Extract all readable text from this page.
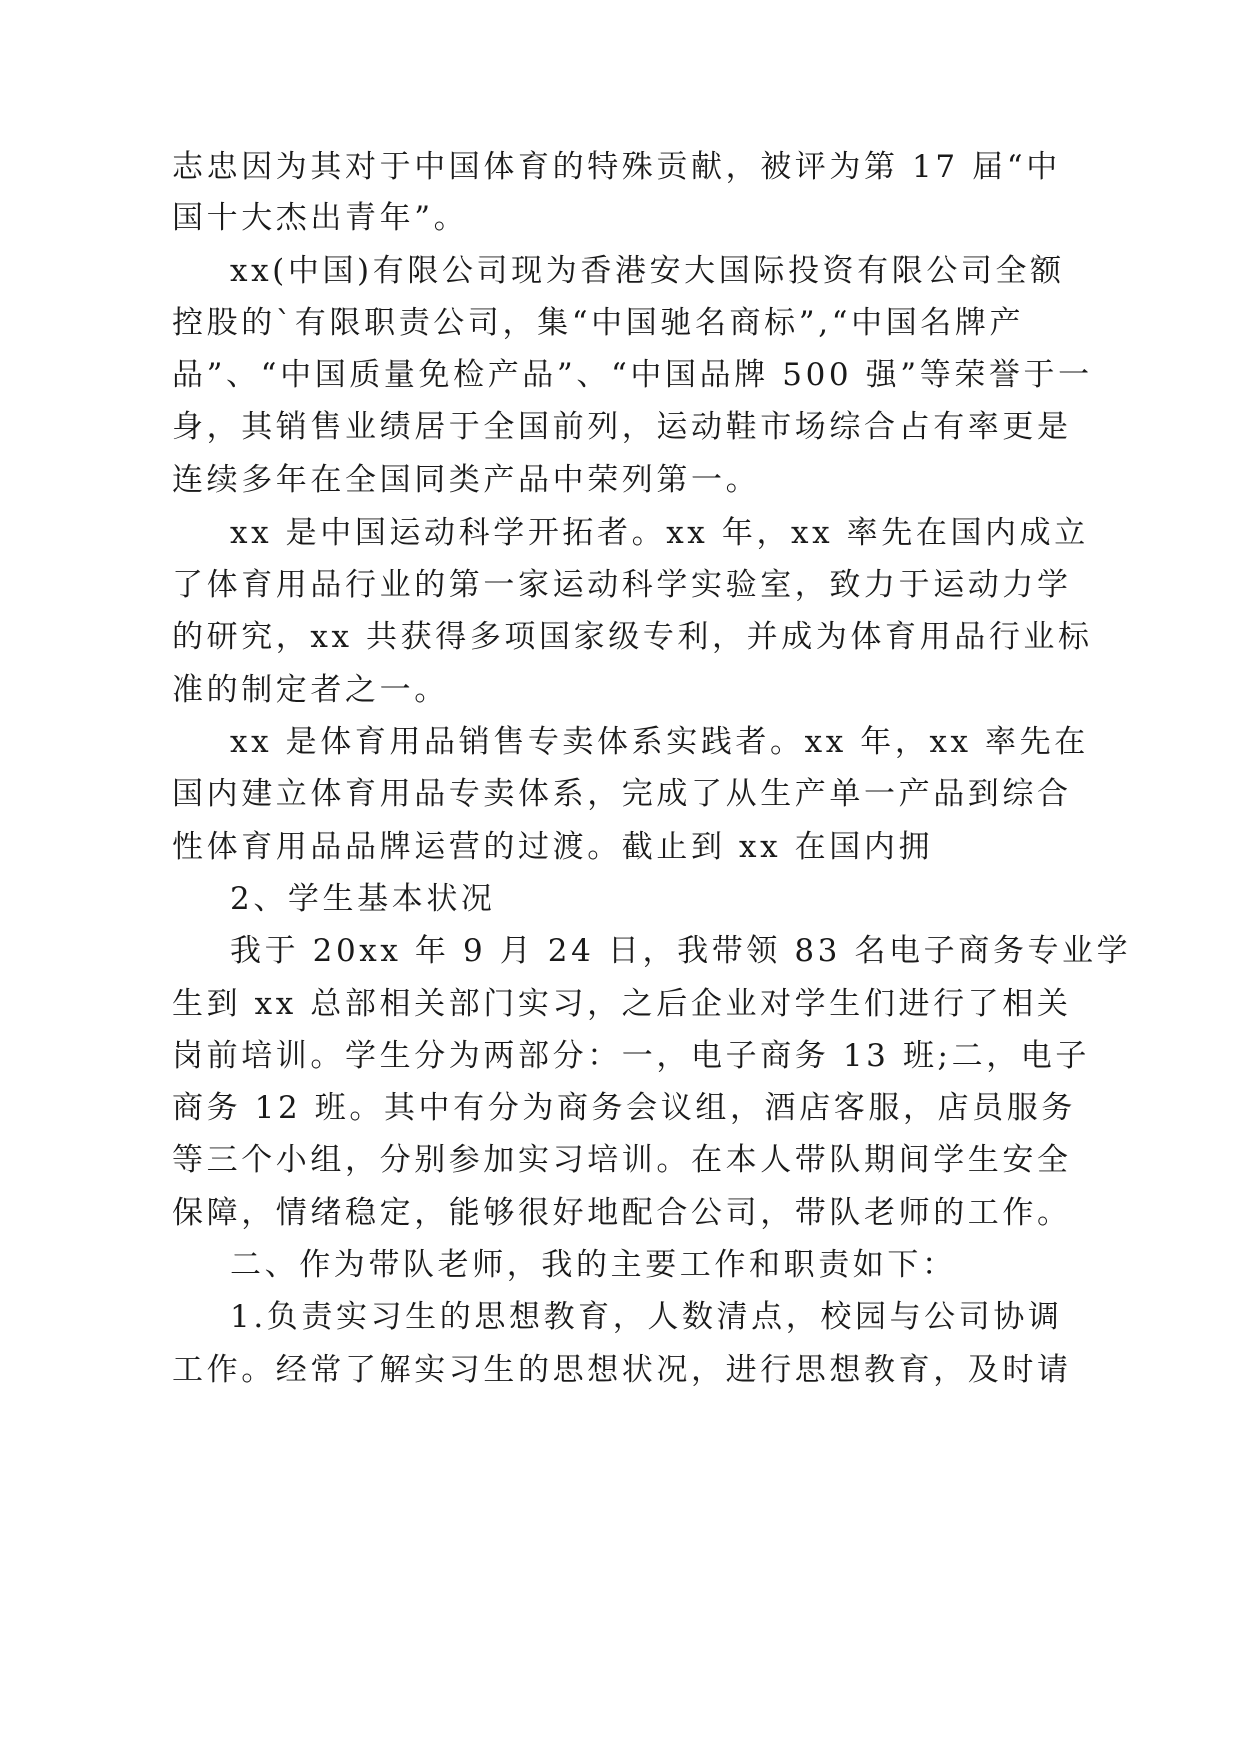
志忠因为其对于中国体育的特殊贡献，被评为第 17 届“中

国十大杰出青年”。

xx(中国)有限公司现为香港安大国际投资有限公司全额

控股的`有限职责公司，集“中国驰名商标”,“中国名牌产

品”、“中国质量免检产品”、“中国品牌 500 强”等荣誉于一

身，其销售业绩居于全国前列，运动鞋市场综合占有率更是

连续多年在全国同类产品中荣列第一。

xx 是中国运动科学开拓者。xx 年，xx 率先在国内成立

了体育用品行业的第一家运动科学实验室，致力于运动力学

的研究，xx 共获得多项国家级专利，并成为体育用品行业标

准的制定者之一。

xx 是体育用品销售专卖体系实践者。xx 年，xx 率先在

国内建立体育用品专卖体系，完成了从生产单一产品到综合

性体育用品品牌运营的过渡。截止到 xx 在国内拥

2、学生基本状况

我于 20xx 年 9 月 24 日，我带领 83 名电子商务专业学

生到 xx 总部相关部门实习，之后企业对学生们进行了相关

岗前培训。学生分为两部分：一，电子商务 13 班;二，电子

商务 12 班。其中有分为商务会议组，酒店客服，店员服务

等三个小组，分别参加实习培训。在本人带队期间学生安全

保障，情绪稳定，能够很好地配合公司，带队老师的工作。

二、作为带队老师，我的主要工作和职责如下：

1.负责实习生的思想教育，人数清点，校园与公司协调

工作。经常了解实习生的思想状况，进行思想教育，及时请
